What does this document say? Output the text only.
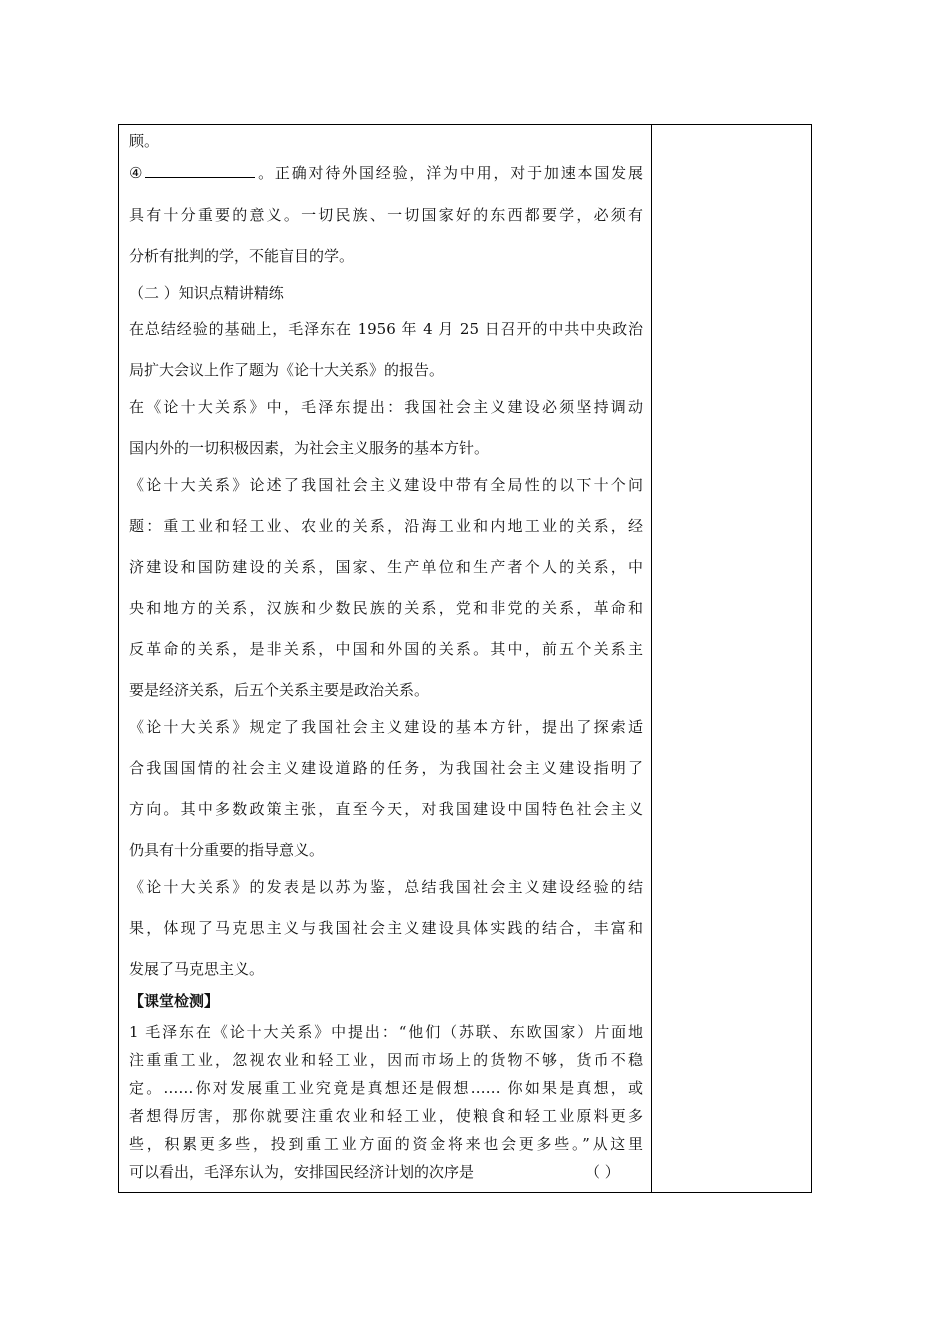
顾。
④	。正确对待外国经验，洋为中用，对于加速本国发展
具有十分重要的意义。一切民族、一切国家好的东西都要学，必须有
分析有批判的学，不能盲目的学。
（二 ）知识点精讲精练
在总结经验的基础上，毛泽东在 1956 年 4 月 25 日召开的中共中央政治
局扩大会议上作了题为《论十大关系》的报告。
在《论十大关系》中，毛泽东提出：我国社会主义建设必须坚持调动
国内外的一切积极因素，为社会主义服务的基本方针。
《论十大关系》论述了我国社会主义建设中带有全局性的以下十个问
题：重工业和轻工业、农业的关系，沿海工业和内地工业的关系，经
济建设和国防建设的关系，国家、生产单位和生产者个人的关系，中
央和地方的关系，汉族和少数民族的关系，党和非党的关系，革命和
反革命的关系，是非关系，中国和外国的关系。其中，前五个关系主
要是经济关系，后五个关系主要是政治关系。
《论十大关系》规定了我国社会主义建设的基本方针，提出了探索适
合我国国情的社会主义建设道路的任务，为我国社会主义建设指明了
方向。其中多数政策主张，直至今天，对我国建设中国特色社会主义
仍具有十分重要的指导意义。
《论十大关系》的发表是以苏为鉴，总结我国社会主义建设经验的结
果，体现了马克思主义与我国社会主义建设具体实践的结合，丰富和
发展了马克思主义。
【课堂检测】
1 毛泽东在《论十大关系》中提出：“他们（苏联、东欧国家）片面地
注重重工业，忽视农业和轻工业，因而市场上的货物不够，货币不稳
定。……你对发展重工业究竟是真想还是假想…… 你如果是真想，或
者想得厉害，那你就要注重农业和轻工业，使粮食和轻工业原料更多
些，积累更多些，投到重工业方面的资金将来也会更多些。”从这里
可以看出，毛泽东认为，安排国民经济计划的次序是	（ ）
